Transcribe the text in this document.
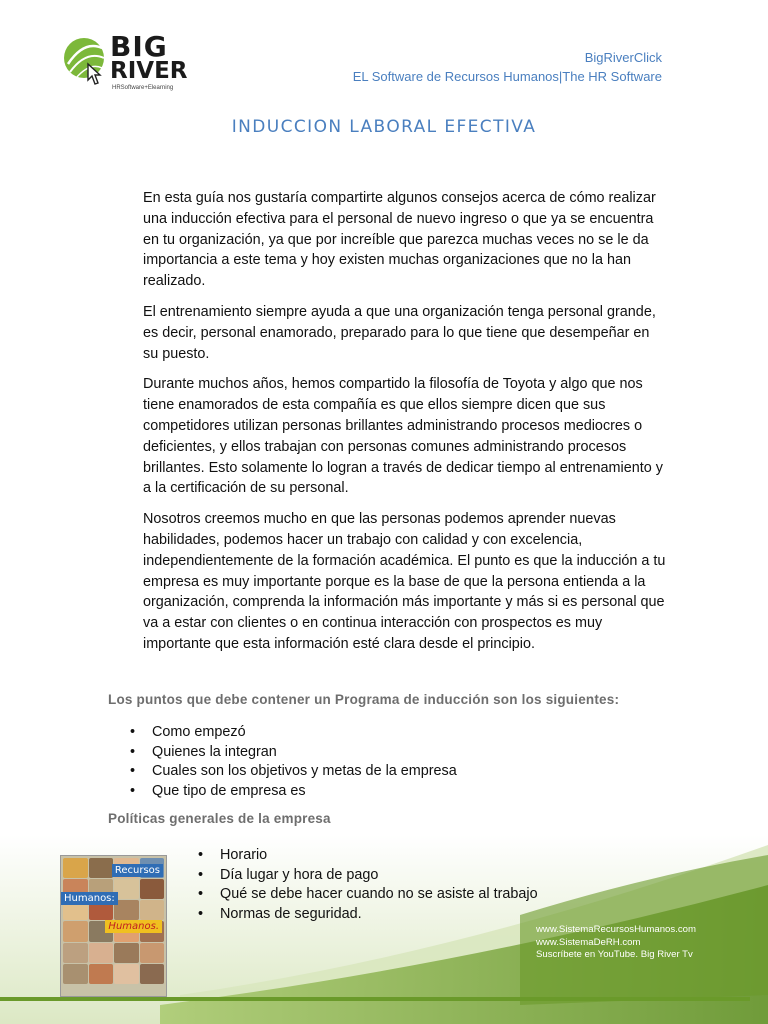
BIG
RIVER
HRSoftware+Elearning
BigRiverClick
EL Software de Recursos Humanos|The HR Software
INDUCCION LABORAL EFECTIVA

En esta guía nos gustaría compartirte algunos consejos acerca de cómo realizar una inducción efectiva para el personal de nuevo ingreso o que ya se encuentra en tu organización, ya que por increíble que parezca muchas veces no se le da importancia a este tema y hoy existen muchas organizaciones que no la han realizado.

El entrenamiento siempre ayuda a que una organización tenga personal grande, es decir, personal enamorado, preparado para lo que tiene que desempeñar en su puesto.

Durante muchos años, hemos compartido la filosofía de Toyota y algo que nos tiene enamorados de esta compañía es que ellos siempre dicen que sus competidores utilizan personas brillantes administrando procesos mediocres o deficientes, y ellos trabajan con personas comunes administrando procesos brillantes. Esto solamente lo logran a través de dedicar tiempo al entrenamiento y a la certificación de su personal.

Nosotros creemos mucho en que las personas podemos aprender nuevas habilidades, podemos hacer un trabajo con calidad y con excelencia, independientemente de la formación académica. El punto es que la inducción a tu empresa es muy importante porque es la base de que la persona entienda a la organización, comprenda la información más importante y más si es personal que va a estar con clientes o en continua interacción con prospectos es muy importante que esta información esté clara desde el principio.

Los puntos que debe contener un Programa de inducción son los siguientes:
• Como empezó
• Quienes la integran
• Cuales son los objetivos y metas de la empresa
• Que tipo de empresa es
Políticas generales de la empresa
• Horario
• Día lugar y hora de pago
• Qué se debe hacer cuando no se asiste al trabajo
• Normas de seguridad.
Recursos
Humanos:
Humanos.	www.SistemaRecursosHumanos.com
www.SistemaDeRH.com
Suscríbete en YouTube. Big River Tv
